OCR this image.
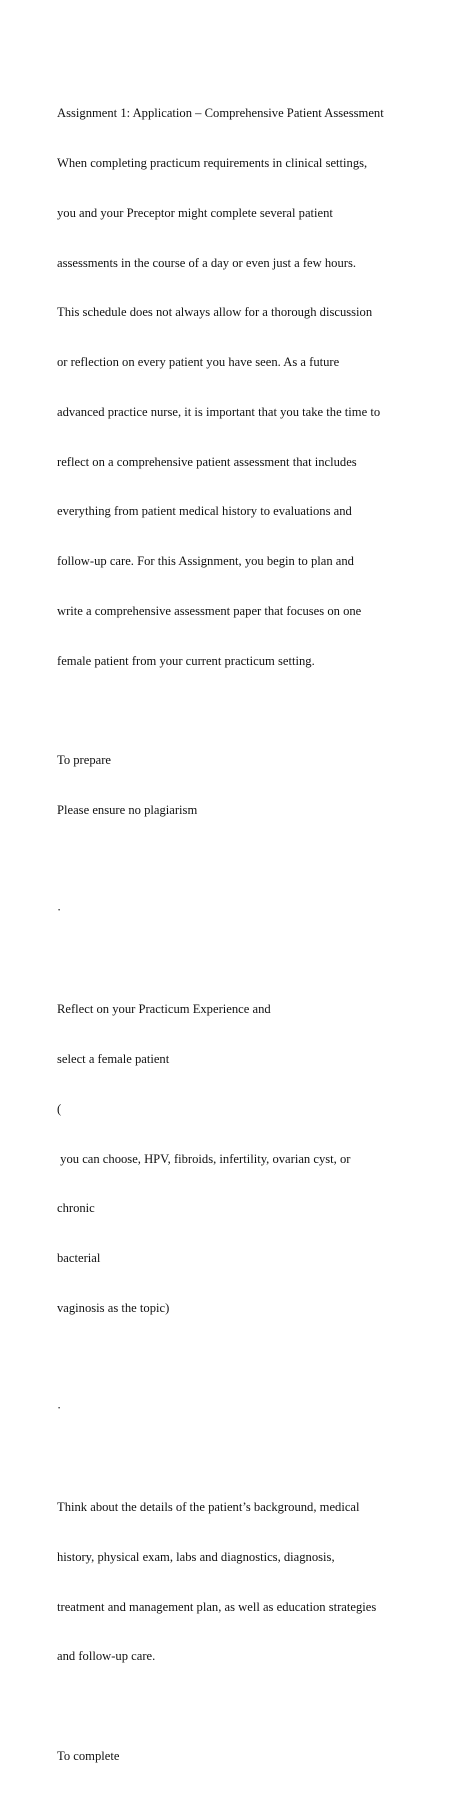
Assignment 1: Application – Comprehensive Patient Assessment

When completing practicum requirements in clinical settings,

you and your Preceptor might complete several patient

assessments in the course of a day or even just a few hours.

This schedule does not always allow for a thorough discussion

or reflection on every patient you have seen. As a future

advanced practice nurse, it is important that you take the time to

reflect on a comprehensive patient assessment that includes

everything from patient medical history to evaluations and

follow-up care. For this Assignment, you begin to plan and

write a comprehensive assessment paper that focuses on one

female patient from your current practicum setting.

To prepare

Please ensure no plagiarism

·

Reflect on your Practicum Experience and

select a female patient

(

you can choose, HPV, fibroids, infertility, ovarian cyst, or

chronic

bacterial

vaginosis as the topic)

·

Think about the details of the patient’s background, medical

history, physical exam, labs and diagnostics, diagnosis,

treatment and management plan, as well as education strategies

and follow-up care.

To complete
